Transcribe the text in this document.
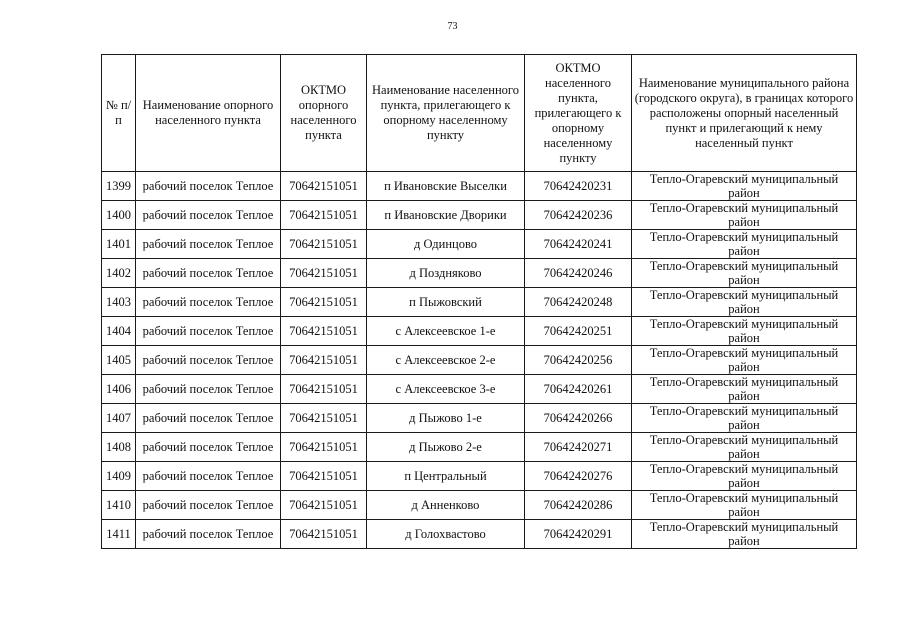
73
№ п/п	Наименование опорного населенного пункта	ОКТМО опорного населенного пункта	Наименование населенного пункта, прилегающего к опорному населенному пункту	ОКТМО населенного пункта, прилегающего к опорному населенному пункту	Наименование муниципального района (городского округа), в границах которого расположены опорный населенный пункт и прилегающий к нему населенный пункт
1399	рабочий поселок Теплое	70642151051	п Ивановские Выселки	70642420231	Тепло-Огаревский муниципальный район
1400	рабочий поселок Теплое	70642151051	п Ивановские Дворики	70642420236	Тепло-Огаревский муниципальный район
1401	рабочий поселок Теплое	70642151051	д Одинцово	70642420241	Тепло-Огаревский муниципальный район
1402	рабочий поселок Теплое	70642151051	д Поздняково	70642420246	Тепло-Огаревский муниципальный район
1403	рабочий поселок Теплое	70642151051	п Пыжовский	70642420248	Тепло-Огаревский муниципальный район
1404	рабочий поселок Теплое	70642151051	с Алексеевское 1-е	70642420251	Тепло-Огаревский муниципальный район
1405	рабочий поселок Теплое	70642151051	с Алексеевское 2-е	70642420256	Тепло-Огаревский муниципальный район
1406	рабочий поселок Теплое	70642151051	с Алексеевское 3-е	70642420261	Тепло-Огаревский муниципальный район
1407	рабочий поселок Теплое	70642151051	д Пыжово 1-е	70642420266	Тепло-Огаревский муниципальный район
1408	рабочий поселок Теплое	70642151051	д Пыжово 2-е	70642420271	Тепло-Огаревский муниципальный район
1409	рабочий поселок Теплое	70642151051	п Центральный	70642420276	Тепло-Огаревский муниципальный район
1410	рабочий поселок Теплое	70642151051	д Анненково	70642420286	Тепло-Огаревский муниципальный район
1411	рабочий поселок Теплое	70642151051	д Голохвастово	70642420291	Тепло-Огаревский муниципальный район
